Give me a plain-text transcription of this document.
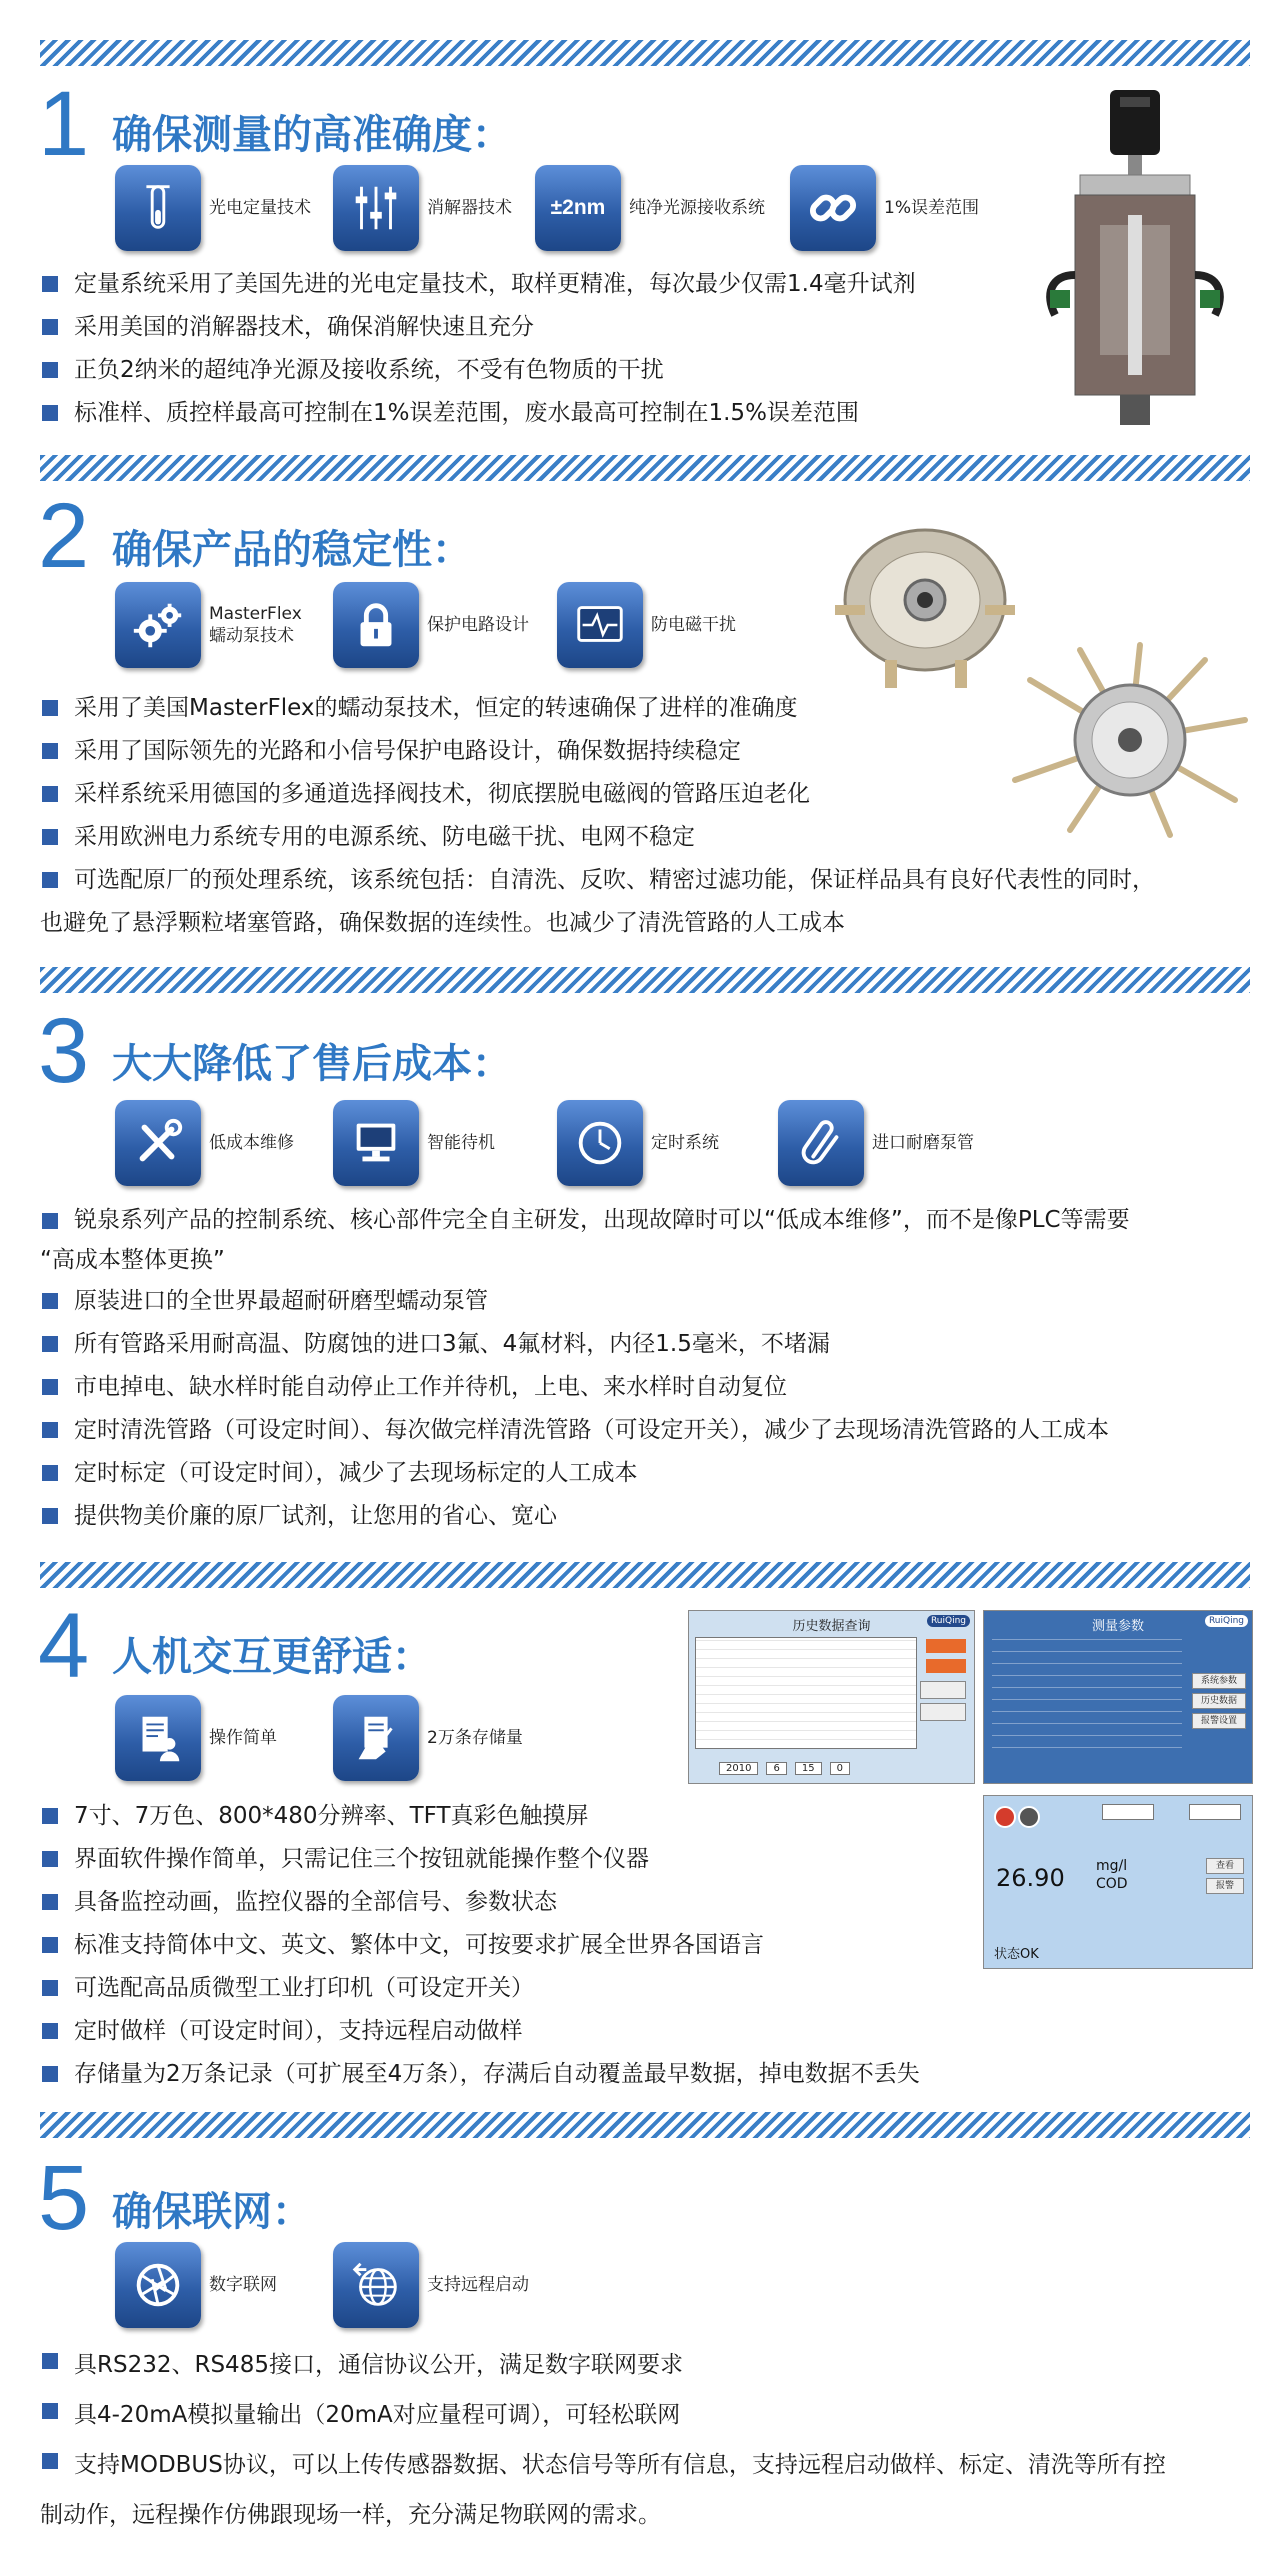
1 确保测量的高准确度：
光电定量技术	消解器技术 ±2nm 纯净光源接收系统	1%误差范围
定量系统采用了美国先进的光电定量技术，取样更精准，每次最少仅需1.4毫升试剂
采用美国的消解器技术，确保消解快速且充分
正负2纳米的超纯净光源及接收系统，不受有色物质的干扰
标准样、质控样最高可控制在1%误差范围，废水最高可控制在1.5%误差范围
2 确保产品的稳定性：
MasterFlex
蠕动泵技术
保护电路设计	防电磁干扰
采用了美国MasterFlex的蠕动泵技术，恒定的转速确保了进样的准确度
采用了国际领先的光路和小信号保护电路设计，确保数据持续稳定
采样系统采用德国的多通道选择阀技术，彻底摆脱电磁阀的管路压迫老化
采用欧洲电力系统专用的电源系统、防电磁干扰、电网不稳定
可选配原厂的预处理系统，该系统包括：自清洗、反吹、精密过滤功能，保证样品具有良好代表性的同时，
也避免了悬浮颗粒堵塞管路，确保数据的连续性。也减少了清洗管路的人工成本
3 大大降低了售后成本：
低成本维修	智能待机	定时系统	进口耐磨泵管
锐泉系列产品的控制系统、核心部件完全自主研发，出现故障时可以“低成本维修”，而不是像PLC等需要
“高成本整体更换”
原装进口的全世界最超耐研磨型蠕动泵管
所有管路采用耐高温、防腐蚀的进口3氟、4氟材料，内径1.5毫米，不堵漏
市电掉电、缺水样时能自动停止工作并待机，上电、来水样时自动复位
定时清洗管路（可设定时间）、每次做完样清洗管路（可设定开关），减少了去现场清洗管路的人工成本
定时标定（可设定时间），减少了去现场标定的人工成本
提供物美价廉的原厂试剂，让您用的省心、宽心
4 人机交互更舒适：
操作简单	2万条存储量
7寸、7万色、800*480分辨率、TFT真彩色触摸屏
界面软件操作简单，只需记住三个按钮就能操作整个仪器
具备监控动画，监控仪器的全部信号、参数状态
标准支持简体中文、英文、繁体中文，可按要求扩展全世界各国语言
可选配高品质微型工业打印机（可设定开关）
定时做样（可设定时间），支持远程启动做样
存储量为2万条记录（可扩展至4万条），存满后自动覆盖最早数据，掉电数据不丢失
历史数据查询	RuiQing
2010	6	15	0
测量参数	RuiQing
系统参数
历史数据
报警设置
26.90 mg/l
COD
查看
报警
状态OK
5 确保联网：
数字联网	支持远程启动
具RS232、RS485接口，通信协议公开，满足数字联网要求
具4-20mA模拟量输出（20mA对应量程可调），可轻松联网
支持MODBUS协议，可以上传传感器数据、状态信号等所有信息，支持远程启动做样、标定、清洗等所有控
制动作，远程操作仿佛跟现场一样，充分满足物联网的需求。
